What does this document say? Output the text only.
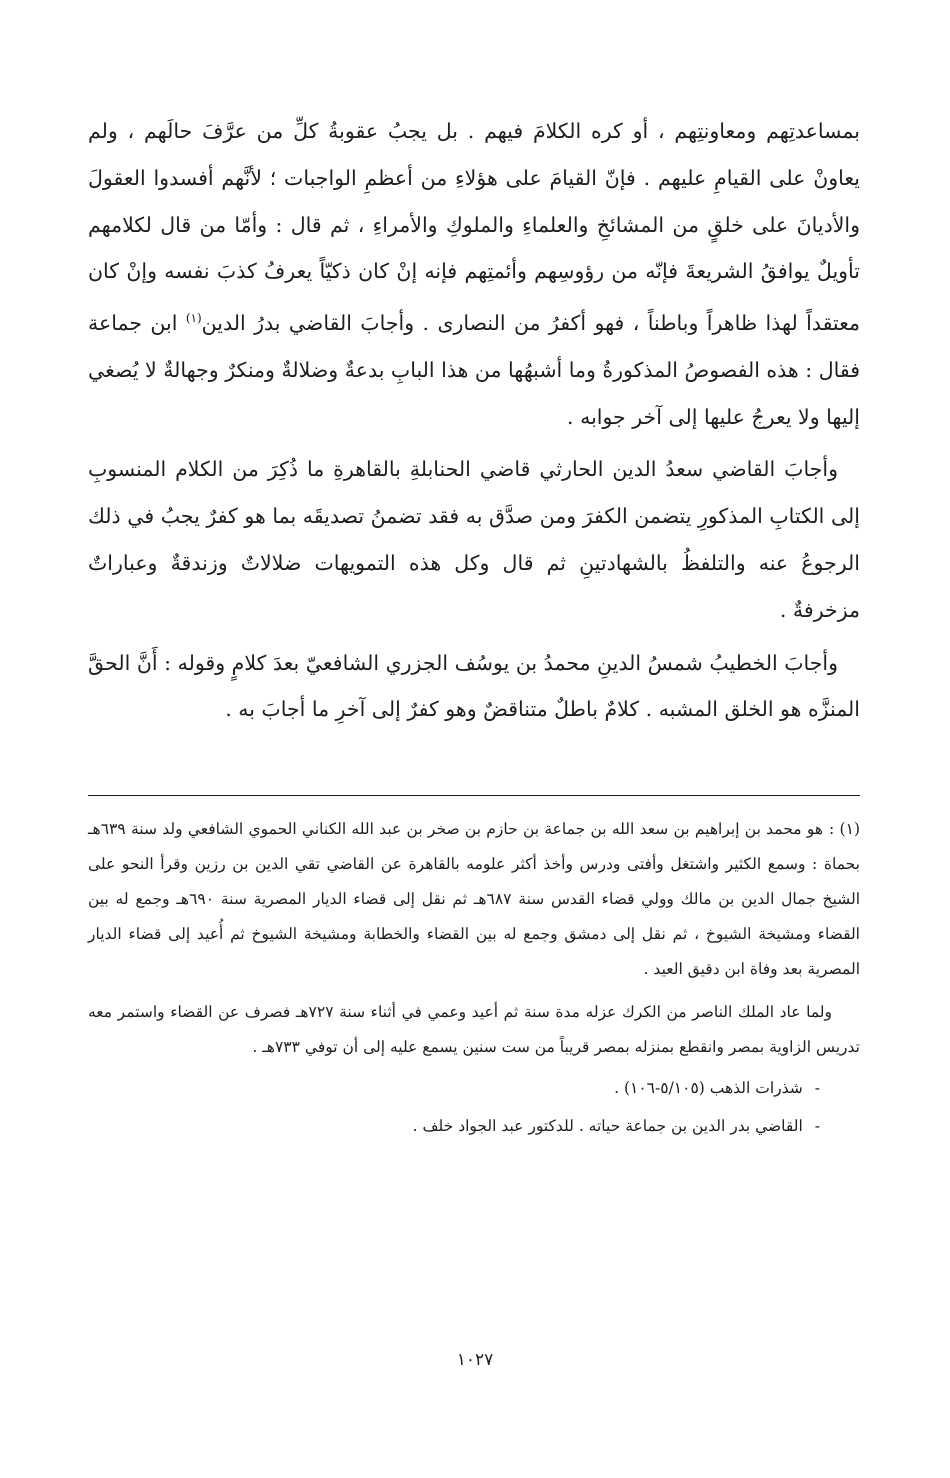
بمساعدتِهم ومعاونتِهم ، أو كره الكلامَ فيهم . بل يجبُ عقوبةُ كلِّ من عرَّفَ حالَهم ، ولم يعاونْ على القيامِ عليهم . فإنّ القيامَ على هؤلاءِ من أعظمِ الواجبات ؛ لأنَّهم أفسدوا العقولَ والأديانَ على خلقٍ من المشائخِ والعلماءِ والملوكِ والأمراءِ ، ثم قال : وأمّا من قال لكلامهم تأويلٌ يوافقُ الشريعةَ فإنّه من رؤوسِهم وأئمتِهم فإنه إنْ كان ذكيّاً يعرفُ كذبَ نفسه وإنْ كان معتقداً لهذا ظاهراً وباطناً ، فهو أكفرُ من النصارى . وأجابَ القاضي بدرُ الدين$^{(١)}$ ابن جماعة فقال : هذه الفصوصُ المذكورةُ وما أشبهُها من هذا البابِ بدعةٌ وضلالةٌ ومنكرٌ وجهالةٌ لا يُصغي إليها ولا يعرجُ عليها إلى آخر جوابه .

وأجابَ القاضي سعدُ الدين الحارثي قاضي الحنابلةِ بالقاهرةِ ما ذُكِرَ من الكلام المنسوبِ إلى الكتابِ المذكورِ يتضمن الكفرَ ومن صدَّق به فقد تضمنُ تصديقَه بما هو كفرٌ يجبُ في ذلك الرجوعُ عنه والتلفظُ بالشهادتينِ ثم قال وكل هذه التمويهات ضلالاتٌ وزندقةٌ وعباراتٌ مزخرفةٌ .

وأجابَ الخطيبُ شمسُ الدينِ محمدُ بن يوسُف الجزري الشافعيّ بعدَ كلامٍ وقوله : أَنَّ الحقَّ المنزَّه هو الخلق المشبه . كلامٌ باطلٌ متناقضٌ وهو كفرٌ إلى آخرِ ما أجابَ به .

(١) :هو محمد بن إبراهيم بن سعد الله بن جماعة بن حازم بن صخر بن عبد الله الكناني الحموي الشافعي ولد سنة ٦٣٩هـ بحماة : وسمع الكثير واشتغل وأفتى ودرس وأخذ أكثر علومه بالقاهرة عن القاضي تقي الدين بن رزين وقرأ النحو على الشيخ جمال الدين بن مالك وولي قضاء القدس سنة ٦٨٧هـ ثم نقل إلى قضاء الديار المصرية سنة ٦٩٠هـ وجمع له بين القضاء ومشيخة الشيوخ ، ثم نقل إلى دمشق وجمع له بين القضاء والخطابة ومشيخة الشيوخ ثم أُعيد إلى قضاء الديار المصرية بعد وفاة ابن دقيق العيد .

ولما عاد الملك الناصر من الكرك عزله مدة سنة ثم أعيد وعمي في أثناء سنة ٧٢٧هـ فصرف عن القضاء واستمر معه تدريس الزاوية بمصر وانقطع بمنزله بمصر قريباً من ست سنين يسمع عليه إلى أن توفي ٧٣٣هـ .

-شذرات الذهب (٥/١٠٥-١٠٦) .
-القاضي بدر الدين بن جماعة حياته . للدكتور عبد الجواد خلف .
١٠٢٧
